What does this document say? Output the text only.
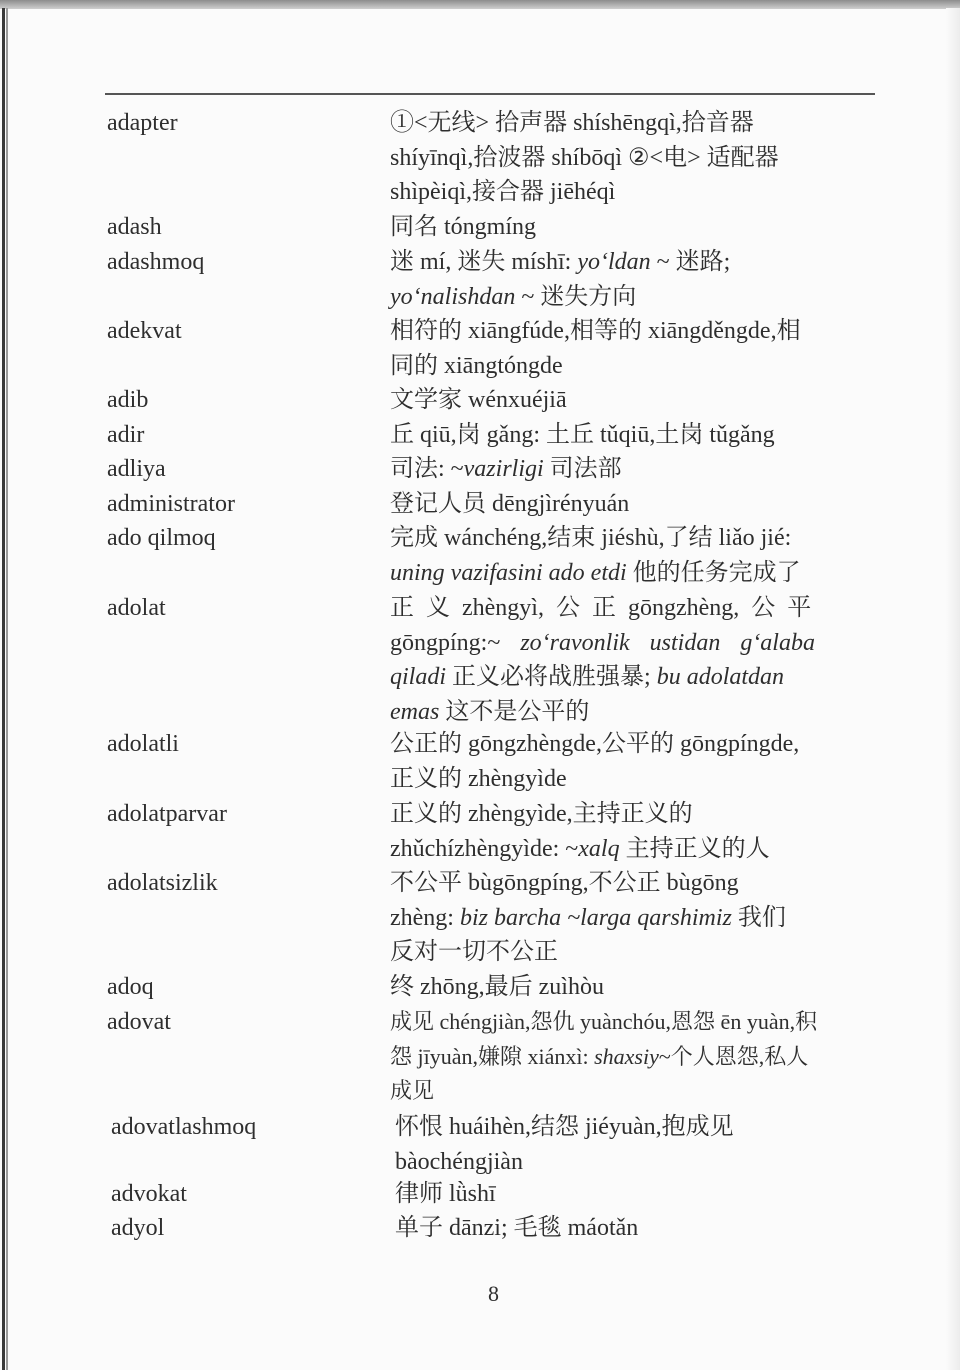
adapter	①<无线> 拾声器 shíshēngqì,拾音器
shíyīnqì,拾波器 shíbōqì ②<电> 适配器
shìpèiqì,接合器 jiēhéqì
adash	同名 tóngmíng
adashmoq	迷 mí, 迷失 míshī: yo‘ldan ~ 迷路;
yo‘nalishdan ~ 迷失方向
adekvat	相符的 xiāngfúde,相等的 xiāngděngde,相
同的 xiāngtóngde
adib	文学家 wénxuéjiā
adir	丘 qiū,岗 gǎng: 土丘 tǔqiū,土岗 tǔgǎng
adliya	司法: ~vazirligi 司法部
administrator	登记人员 dēngjìrényuán
ado qilmoq	完成 wánchéng,结束 jiéshù,了结 liǎo jié:
uning vazifasini ado etdi 他的任务完成了
adolat	正 义 zhèngyì, 公 正 gōngzhèng, 公 平
gōngpíng:~ zo‘ravonlik ustidan g‘alaba
qiladi 正义必将战胜强暴; bu adolatdan
emas 这不是公平的
adolatli	公正的 gōngzhèngde,公平的 gōngpíngde,
正义的 zhèngyìde
adolatparvar	正义的 zhèngyìde,主持正义的
zhǔchízhèngyìde: ~xalq 主持正义的人
adolatsizlik	不公平 bùgōngpíng,不公正 bùgōng
zhèng: biz barcha ~larga qarshimiz 我们
反对一切不公正
adoq	终 zhōng,最后 zuìhòu
adovat	成见 chéngjiàn,怨仇 yuànchóu,恩怨 ēn yuàn,积
怨 jīyuàn,嫌隙 xiánxì: shaxsiy~个人恩怨,私人
成见
adovatlashmoq	怀恨 huáihèn,结怨 jiéyuàn,抱成见
bàochéngjiàn
advokat	律师 lǜshī
adyol	单子 dānzi; 毛毯 máotǎn
8
